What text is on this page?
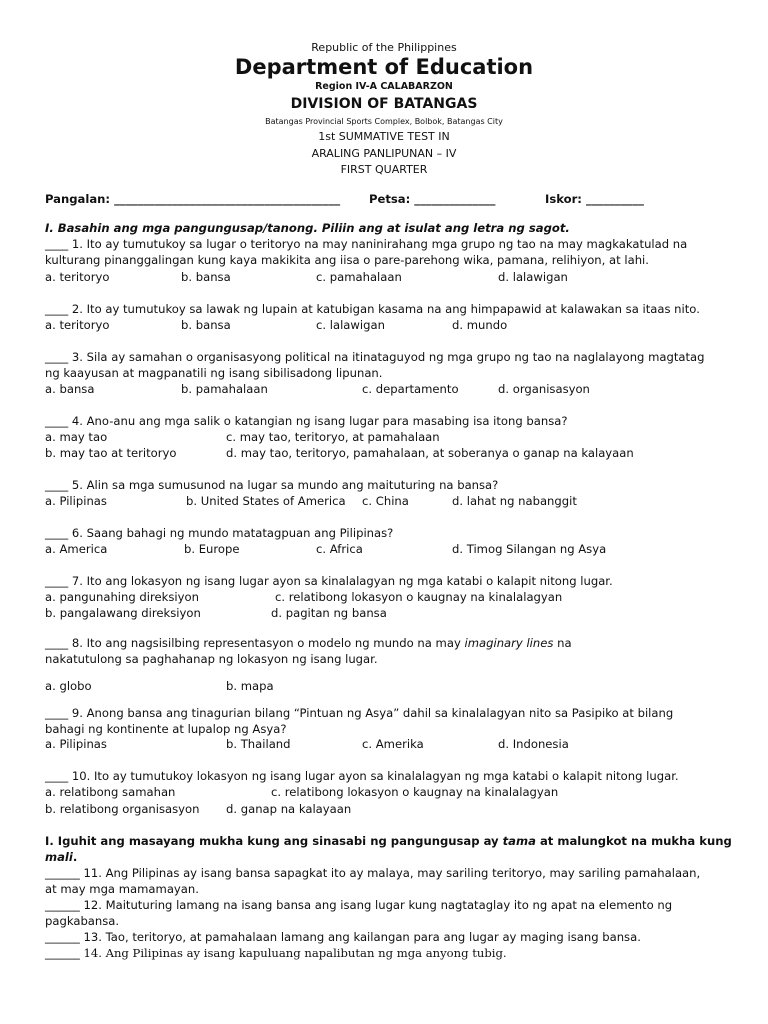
Republic of the Philippines
Department of Education
Region IV-A CALABARZON
DIVISION OF BATANGAS
Batangas Provincial Sports Complex, Bolbok, Batangas City
1st SUMMATIVE TEST IN
ARALING PANLIPUNAN – IV
FIRST QUARTER
Pangalan: _______________________________________ Petsa: ______________	Iskor: __________
I. Basahin ang mga pangungusap/tanong. Piliin ang at isulat ang letra ng sagot.
____ 1. Ito ay tumutukoy sa lugar o teritoryo na may naninirahang mga grupo ng tao na may magkakatulad na
kulturang pinanggalingan kung kaya makikita ang iisa o pare-parehong wika, pamana, relihiyon, at lahi.
a. teritoryo	b. bansa	c. pamahalaan	d. lalawigan
____ 2. Ito ay tumutukoy sa lawak ng lupain at katubigan kasama na ang himpapawid at kalawakan sa itaas nito.
a. teritoryo	b. bansa	c. lalawigan	d. mundo
____ 3. Sila ay samahan o organisasyong political na itinataguyod ng mga grupo ng tao na naglalayong magtatag
ng kaayusan at magpanatili ng isang sibilisadong lipunan.
a. bansa	b. pamahalaan	c. departamento	d. organisasyon
____ 4. Ano-anu ang mga salik o katangian ng isang lugar para masabing isa itong bansa?
a. may tao	c. may tao, teritoryo, at pamahalaan
b. may tao at teritoryo	d. may tao, teritoryo, pamahalaan, at soberanya o ganap na kalayaan
____ 5. Alin sa mga sumusunod na lugar sa mundo ang maituturing na bansa?
a. Pilipinas	b. United States of America c. China	d. lahat ng nabanggit
____ 6. Saang bahagi ng mundo matatagpuan ang Pilipinas?
a. America	b. Europe	c. Africa	d. Timog Silangan ng Asya
____ 7. Ito ang lokasyon ng isang lugar ayon sa kinalalagyan ng mga katabi o kalapit nitong lugar.
a. pangunahing direksiyon	c. relatibong lokasyon o kaugnay na kinalalagyan
b. pangalawang direksiyon	d. pagitan ng bansa
____ 8. Ito ang nagsisilbing representasyon o modelo ng mundo na may imaginary lines na
nakatutulong sa paghahanap ng lokasyon ng isang lugar.
a. globo	b. mapa
____ 9. Anong bansa ang tinagurian bilang “Pintuan ng Asya” dahil sa kinalalagyan nito sa Pasipiko at bilang
bahagi ng kontinente at lupalop ng Asya?
a. Pilipinas	b. Thailand	c. Amerika	d. Indonesia
____ 10. Ito ay tumutukoy lokasyon ng isang lugar ayon sa kinalalagyan ng mga katabi o kalapit nitong lugar.
a. relatibong samahan	c. relatibong lokasyon o kaugnay na kinalalagyan
b. relatibong organisasyon d. ganap na kalayaan
I. Iguhit ang masayang mukha kung ang sinasabi ng pangungusap ay tama at malungkot na mukha kung
mali.
______ 11. Ang Pilipinas ay isang bansa sapagkat ito ay malaya, may sariling teritoryo, may sariling pamahalaan,
at may mga mamamayan.
______ 12. Maituturing lamang na isang bansa ang isang lugar kung nagtataglay ito ng apat na elemento ng
pagkabansa.
______ 13. Tao, teritoryo, at pamahalaan lamang ang kailangan para ang lugar ay maging isang bansa.
______ 14. Ang Pilipinas ay isang kapuluang napalibutan ng mga anyong tubig.
